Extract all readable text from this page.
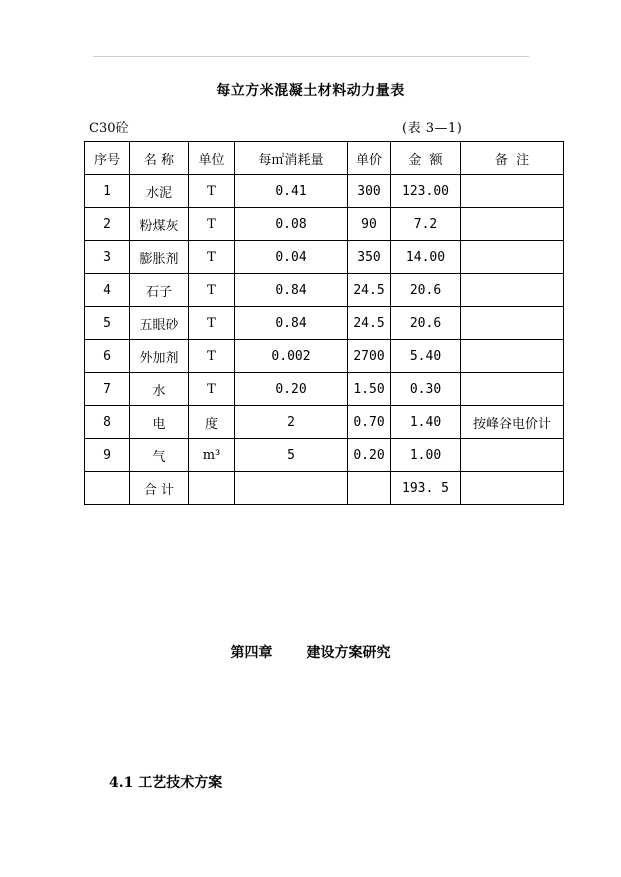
每立方米混凝土材料动力量表
C30砼	(表 3—1)
序号	名 称	单位	每㎡消耗量	单价	金  额	备  注
1	水泥	T	0.41	300	123.00	
2	粉煤灰	T	0.08	90	7.2	
3	膨胀剂	T	0.04	350	14.00	
4	石子	T	0.84	24.5	20.6	
5	五眼砂	T	0.84	24.5	20.6	
6	外加剂	T	0.002	2700	5.40	
7	水	T	0.20	1.50	0.30	
8	电	度	2	0.70	1.40	按峰谷电价计
9	气	m³	5	0.20	1.00	
	合 计				193. 5	
第四章 建设方案研究
4.1 工艺技术方案
